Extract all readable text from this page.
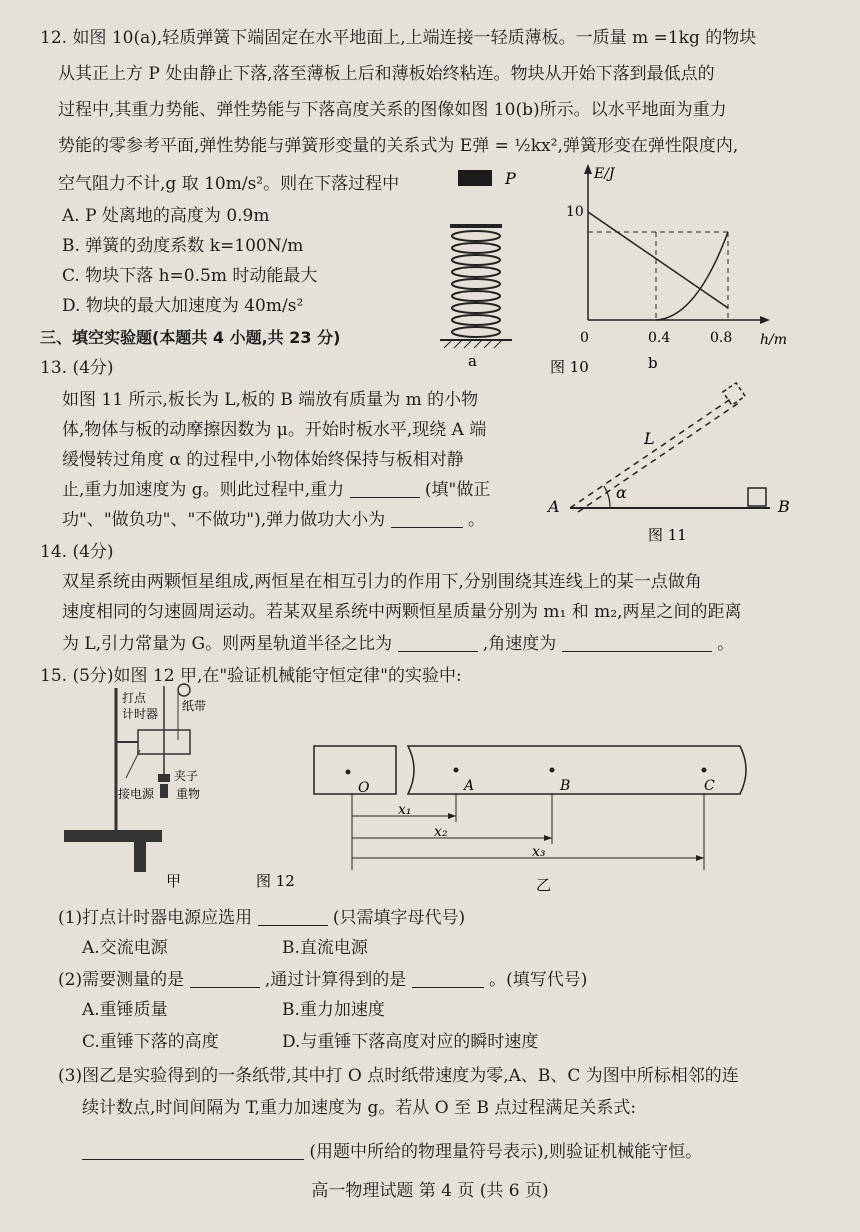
12. 如图 10(a),轻质弹簧下端固定在水平地面上,上端连接一轻质薄板。一质量 m =1kg 的物块
从其正上方 P 处由静止下落,落至薄板上后和薄板始终粘连。物块从开始下落到最低点的
过程中,其重力势能、弹性势能与下落高度关系的图像如图 10(b)所示。以水平地面为重力
势能的零参考平面,弹性势能与弹簧形变量的关系式为 E弹 = ½kx²,弹簧形变在弹性限度内,
空气阻力不计,g 取 10m/s²。则在下落过程中
A. P 处离地的高度为 0.9m
B. 弹簧的劲度系数 k=100N/m
C. 物块下落 h=0.5m 时动能最大
D. 物块的最大加速度为 40m/s²
P
a
E/J
h/m
10
0	0.4	0.8
b
图 10
三、填空实验题(本题共 4 小题,共 23 分)
13. (4分)
如图 11 所示,板长为 L,板的 B 端放有质量为 m 的小物
体,物体与板的动摩擦因数为 μ。开始时板水平,现绕 A 端
缓慢转过角度 α 的过程中,小物体始终保持与板相对静
止,重力加速度为 g。则此过程中,重力	(填"做正
功"、"做负功"、"不做功"),弹力做功大小为	。
α
L
A	B
图 11
14. (4分)
双星系统由两颗恒星组成,两恒星在相互引力的作用下,分别围绕其连线上的某一点做角
速度相同的匀速圆周运动。若某双星系统中两颗恒星质量分别为 m₁ 和 m₂,两星之间的距离
为 L,引力常量为 G。则两星轨道半径之比为	,角速度为	。
15. (5分)如图 12 甲,在"验证机械能守恒定律"的实验中:
打点
计时器
纸带
夹子
接电源 重物
甲	图 12
O	A	B	C
x₁
x₂
x₃
乙
(1)打点计时器电源应选用	(只需填字母代号)
A.交流电源	B.直流电源
(2)需要测量的是	,通过计算得到的是	。(填写代号)
A.重锤质量	B.重力加速度
C.重锤下落的高度	D.与重锤下落高度对应的瞬时速度
(3)图乙是实验得到的一条纸带,其中打 O 点时纸带速度为零,A、B、C 为图中所标相邻的连
续计数点,时间间隔为 T,重力加速度为 g。若从 O 至 B 点过程满足关系式:
(用题中所给的物理量符号表示),则验证机械能守恒。
高一物理试题 第 4 页 (共 6 页)
